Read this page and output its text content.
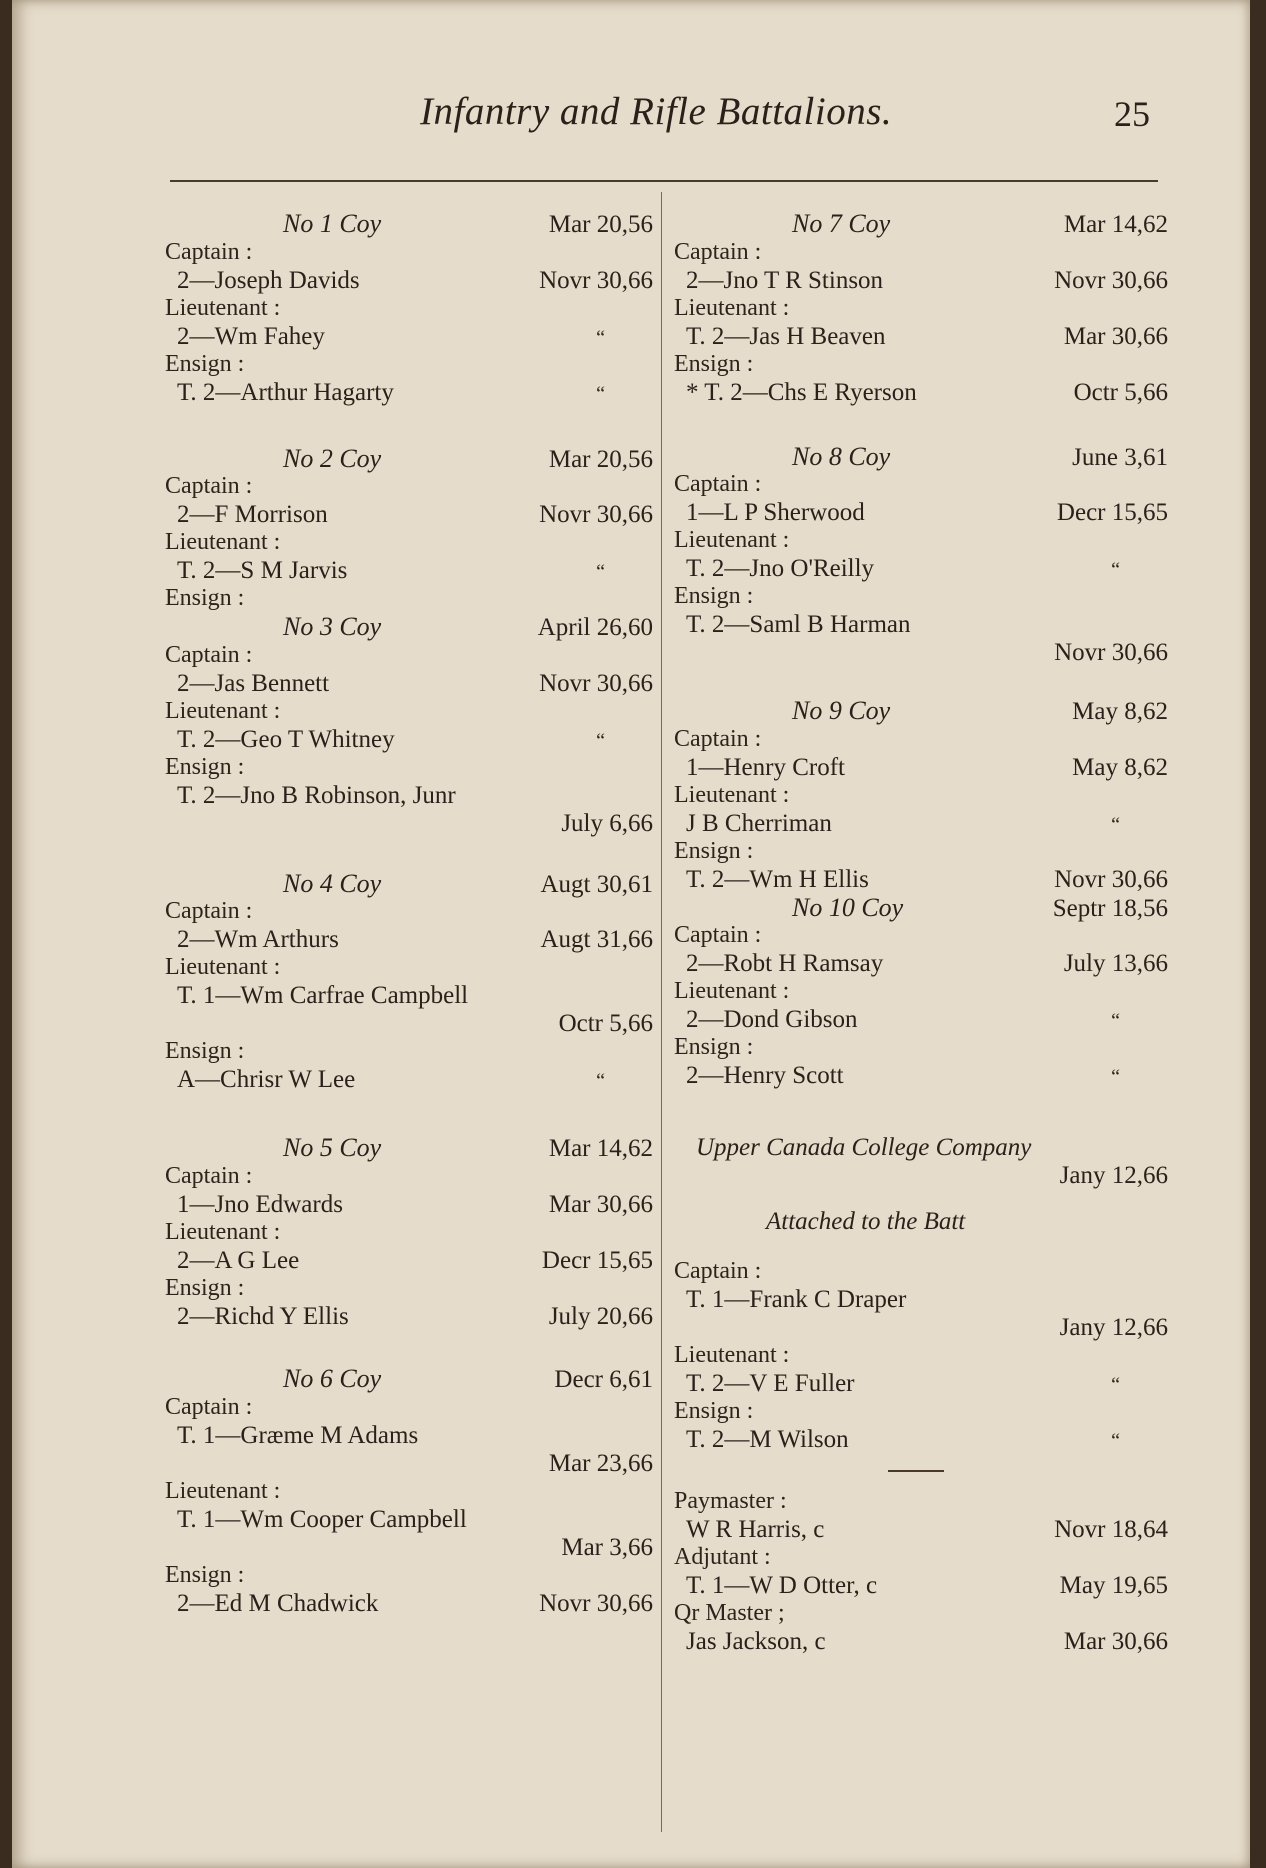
Infantry and Rifle Battalions.	25
No 1 Coy	Mar 20,56
Captain :
2—Joseph Davids	Novr 30,66
Lieutenant :
2—Wm Fahey	“
Ensign :
T. 2—Arthur Hagarty	“
No 2 Coy	Mar 20,56
Captain :
2—F Morrison	Novr 30,66
Lieutenant :
T. 2—S M Jarvis	“
Ensign :
No 3 Coy	April 26,60
Captain :
2—Jas Bennett	Novr 30,66
Lieutenant :
T. 2—Geo T Whitney	“
Ensign :
T. 2—Jno B Robinson, Junr
July 6,66
No 4 Coy	Augt 30,61
Captain :
2—Wm Arthurs	Augt 31,66
Lieutenant :
T. 1—Wm Carfrae Campbell
Octr 5,66
Ensign :
A—Chrisr W Lee	“
No 5 Coy	Mar 14,62
Captain :
1—Jno Edwards	Mar 30,66
Lieutenant :
2—A G Lee	Decr 15,65
Ensign :
2—Richd Y Ellis	July 20,66
No 6 Coy	Decr 6,61
Captain :
T. 1—Græme M Adams
Mar 23,66
Lieutenant :
T. 1—Wm Cooper Campbell
Mar 3,66
Ensign :
2—Ed M Chadwick	Novr 30,66
No 7 Coy	Mar 14,62
Captain :
2—Jno T R Stinson	Novr 30,66
Lieutenant :
T. 2—Jas H Beaven	Mar 30,66
Ensign :
* T. 2—Chs E Ryerson	Octr 5,66
No 8 Coy	June 3,61
Captain :
1—L P Sherwood	Decr 15,65
Lieutenant :
T. 2—Jno O'Reilly	“
Ensign :
T. 2—Saml B Harman
Novr 30,66
No 9 Coy	May 8,62
Captain :
1—Henry Croft	May 8,62
Lieutenant :
J B Cherriman	“
Ensign :
T. 2—Wm H Ellis	Novr 30,66
No 10 Coy	Septr 18,56
Captain :
2—Robt H Ramsay	July 13,66
Lieutenant :
2—Dond Gibson	“
Ensign :
2—Henry Scott	“
Upper Canada College Company
Jany 12,66
Attached to the Batt
Captain :
T. 1—Frank C Draper
Jany 12,66
Lieutenant :
T. 2—V E Fuller	“
Ensign :
T. 2—M Wilson	“
Paymaster :
W R Harris, c	Novr 18,64
Adjutant :
T. 1—W D Otter, c	May 19,65
Qr Master ;
Jas Jackson, c	Mar 30,66
